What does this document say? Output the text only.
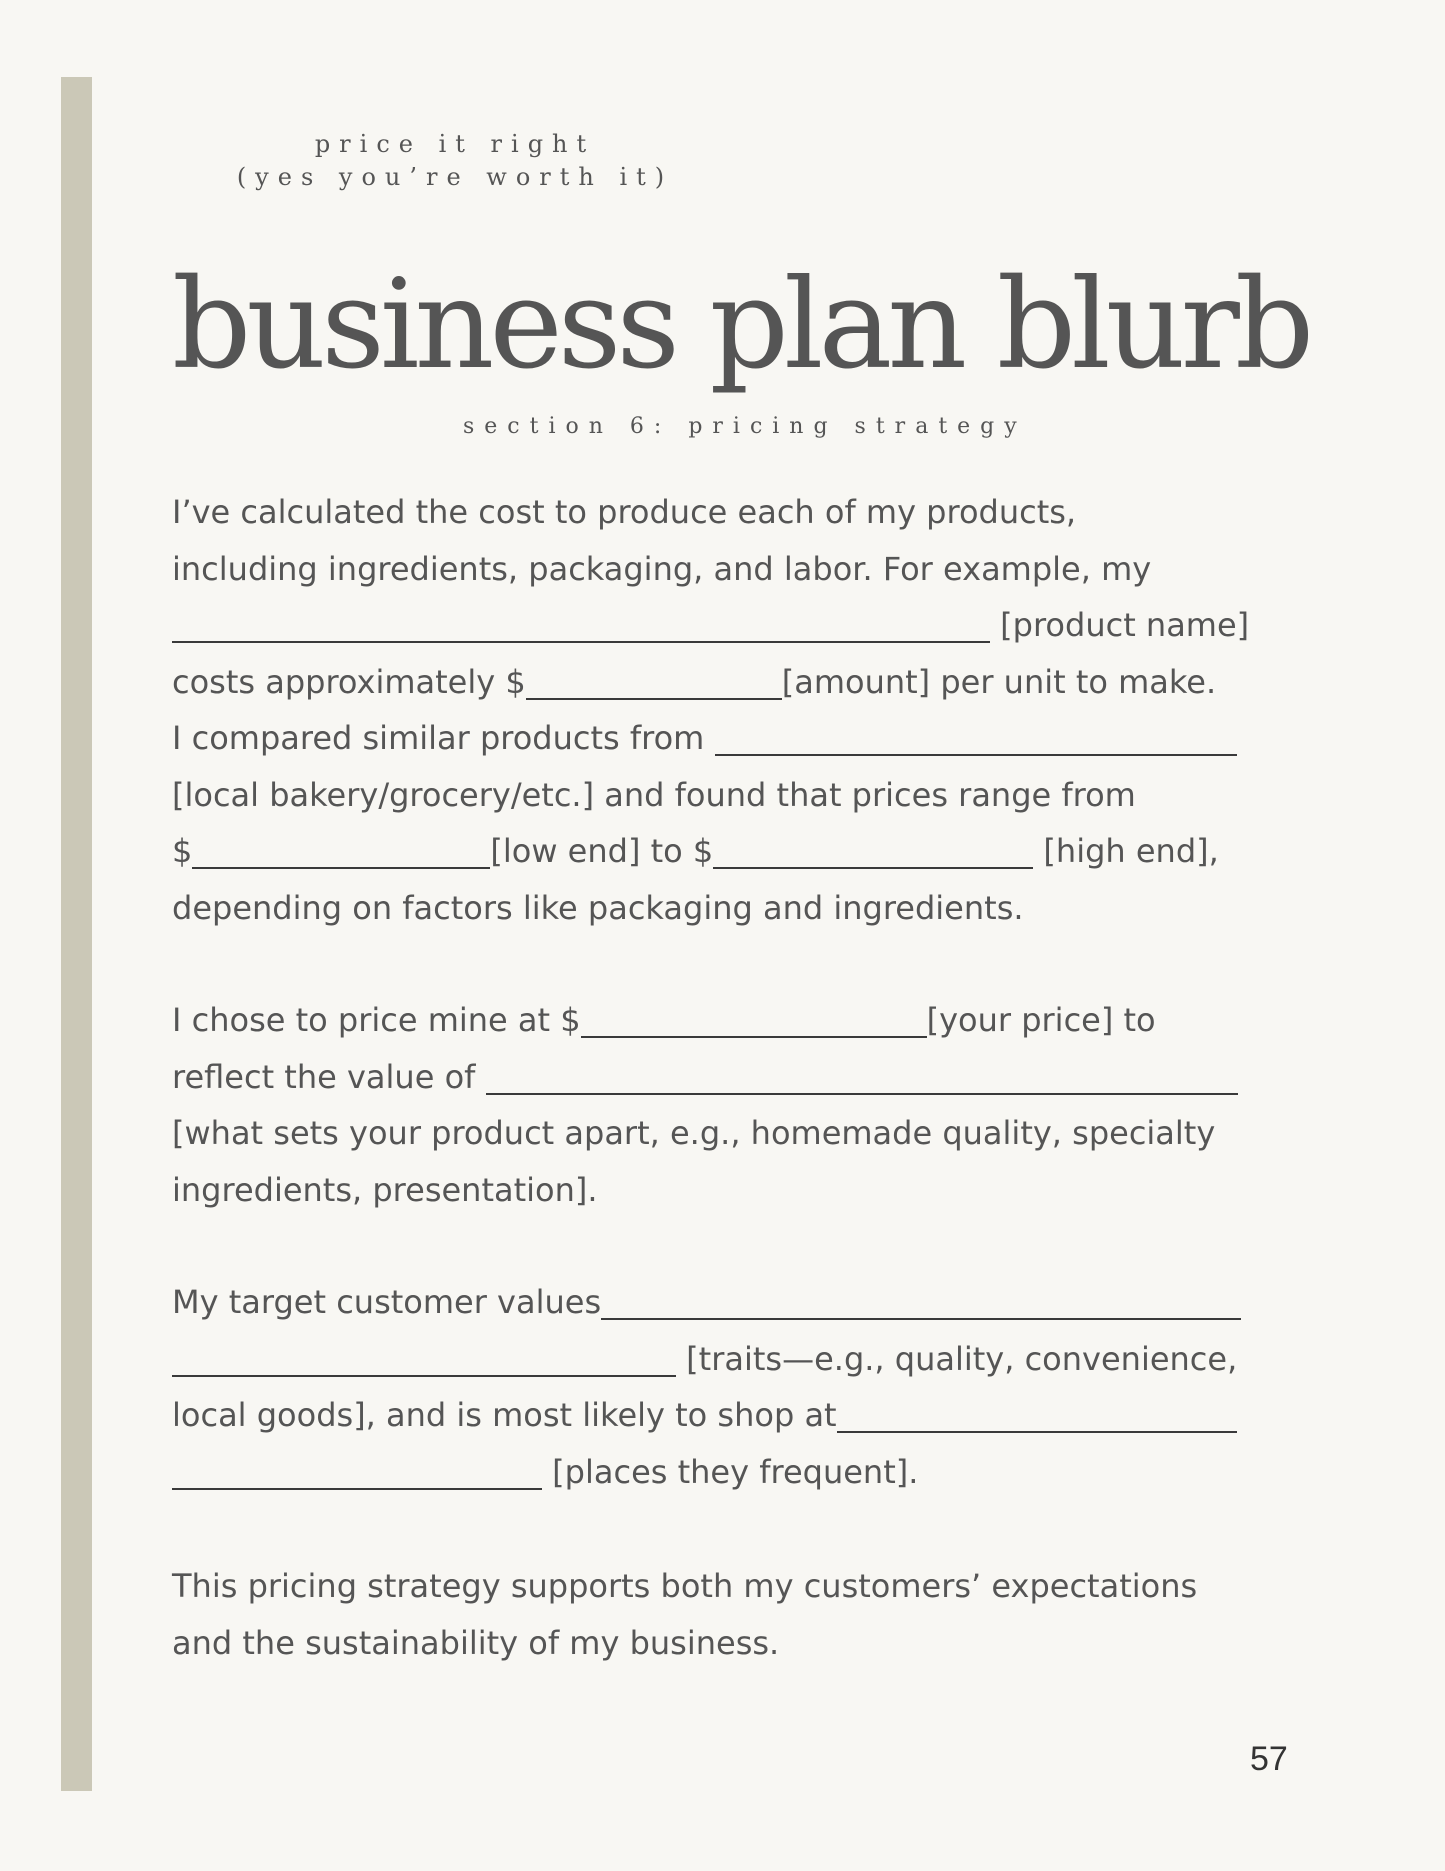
price it right
(yes you’re worth it)
business plan blurb
section 6: pricing strategy
I’ve calculated the cost to produce each of my products,
including ingredients, packaging, and labor. For example, my
[product name]
costs approximately $	[amount] per unit to make.
I compared similar products from
[local bakery/grocery/etc.] and found that prices range from
$	[low end] to $	[high end],
depending on factors like packaging and ingredients.
I chose to price mine at $	[your price] to
reflect the value of
[what sets your product apart, e.g., homemade quality, specialty
ingredients, presentation].
My target customer values
[traits—e.g., quality, convenience,
local goods], and is most likely to shop at
[places they frequent].
This pricing strategy supports both my customers’ expectations
and the sustainability of my business.
57
